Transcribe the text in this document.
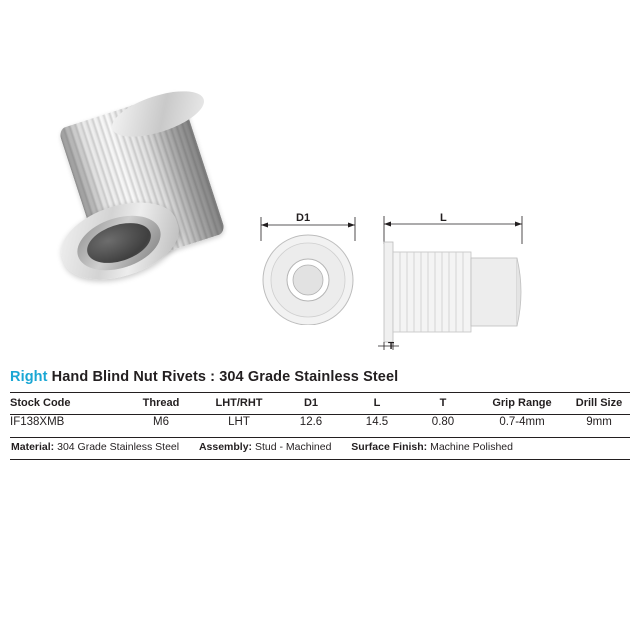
D1	L
T
Right Hand Blind Nut Rivets : 304 Grade Stainless Steel
Stock Code	Thread	LHT/RHT	D1	L	T	Grip Range	Drill Size
IF138XMB	M6	LHT	12.6	14.5	0.80	0.7-4mm	9mm
Material: 304 Grade Stainless Steel Assembly: Stud - Machined Surface Finish: Machine Polished
